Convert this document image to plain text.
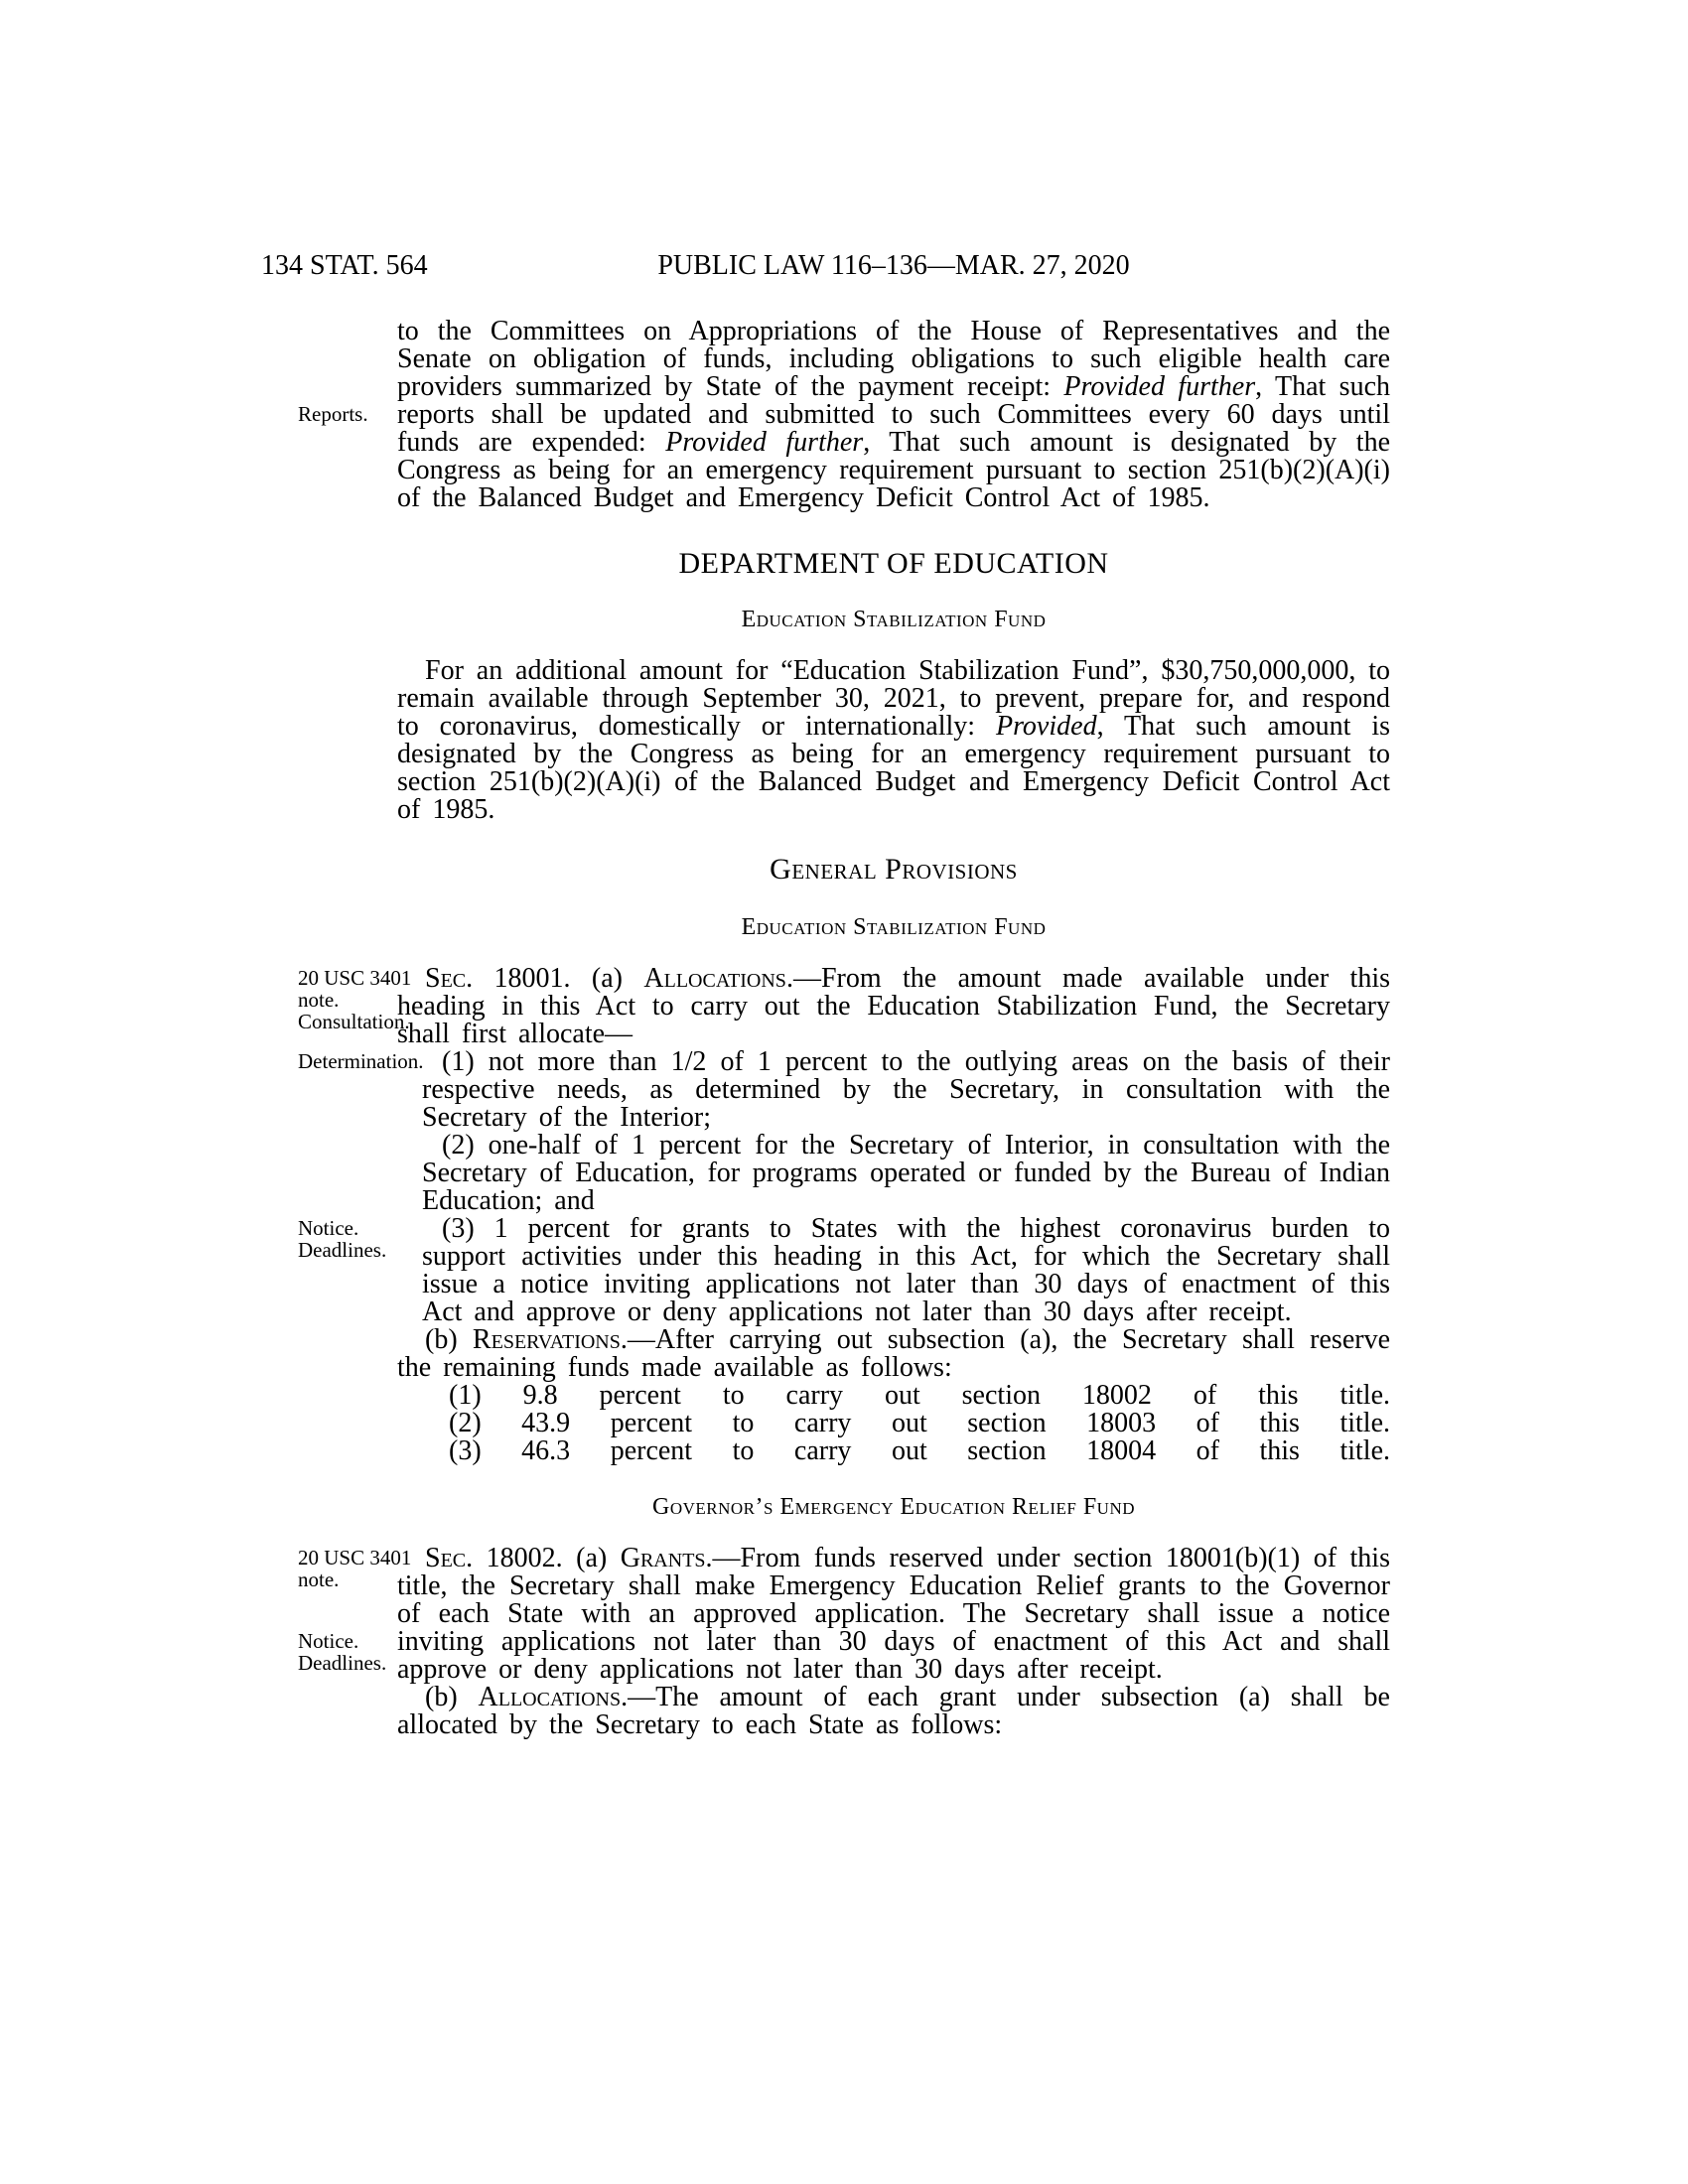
134 STAT. 564	PUBLIC LAW 116–136—MAR. 27, 2020
Reports.

to the Committees on Appropriations of the House of Representatives and the Senate on obligation of funds, including obligations to such eligible health care providers summarized by State of the payment receipt: Provided further, That such reports shall be updated and submitted to such Committees every 60 days until funds are expended: Provided further, That such amount is designated by the Congress as being for an emergency requirement pursuant to section 251(b)(2)(A)(i) of the Balanced Budget and Emergency Deficit Control Act of 1985.

DEPARTMENT OF EDUCATION
Education Stabilization Fund

For an additional amount for “Education Stabilization Fund”, $30,750,000,000, to remain available through September 30, 2021, to prevent, prepare for, and respond to coronavirus, domestically or internationally: Provided, That such amount is designated by the Congress as being for an emergency requirement pursuant to section 251(b)(2)(A)(i) of the Balanced Budget and Emergency Deficit Control Act of 1985.

General Provisions
Education Stabilization Fund
20 USC 3401
note.
Consultation.

Sec. 18001. (a) Allocations.—From the amount made available under this heading in this Act to carry out the Education Stabilization Fund, the Secretary shall first allocate—

Determination. (1) not more than 1/2 of 1 percent to the outlying areas on the basis of their respective needs, as determined by the Secretary, in consultation with the Secretary of the Interior;

(2) one-half of 1 percent for the Secretary of Interior, in consultation with the Secretary of Education, for programs operated or funded by the Bureau of Indian Education; and

Notice.
Deadlines.

(3) 1 percent for grants to States with the highest coronavirus burden to support activities under this heading in this Act, for which the Secretary shall issue a notice inviting applications not later than 30 days of enactment of this Act and approve or deny applications not later than 30 days after receipt.

(b) Reservations.—After carrying out subsection (a), the Secretary shall reserve the remaining funds made available as follows:

(1) 9.8 percent to carry out section 18002 of this title.

(2) 43.9 percent to carry out section 18003 of this title.

(3) 46.3 percent to carry out section 18004 of this title.

Governor’s Emergency Education Relief Fund
20 USC 3401
note.
Notice.
Deadlines.

Sec. 18002. (a) Grants.—From funds reserved under section 18001(b)(1) of this title, the Secretary shall make Emergency Education Relief grants to the Governor of each State with an approved application. The Secretary shall issue a notice inviting applications not later than 30 days of enactment of this Act and shall approve or deny applications not later than 30 days after receipt.

(b) Allocations.—The amount of each grant under subsection (a) shall be allocated by the Secretary to each State as follows:
